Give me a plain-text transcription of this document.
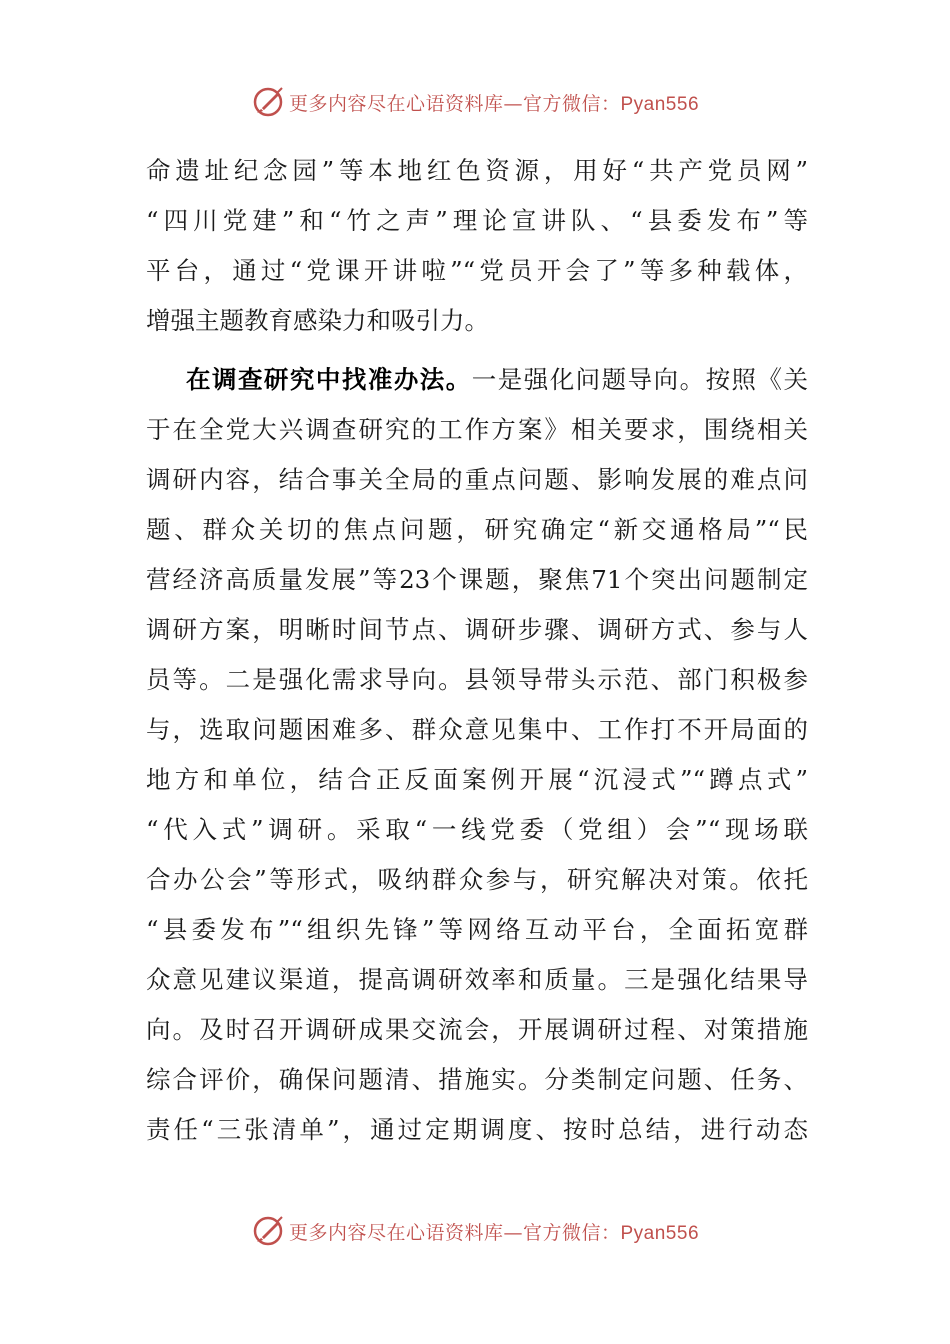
更多内容尽在心语资料库—官方微信：Pyan556
命遗址纪念园”等本地红色资源，用好“共产党员网”
“四川党建”和“竹之声”理论宣讲队、“县委发布”等
平台，通过“党课开讲啦”“党员开会了”等多种载体，
增强主题教育感染力和吸引力。
在调查研究中找准办法。一是强化问题导向。按照《关
于在全党大兴调查研究的工作方案》相关要求，围绕相关
调研内容，结合事关全局的重点问题、影响发展的难点问
题、群众关切的焦点问题，研究确定“新交通格局”“民
营经济高质量发展”等23个课题，聚焦71个突出问题制定
调研方案，明晰时间节点、调研步骤、调研方式、参与人
员等。二是强化需求导向。县领导带头示范、部门积极参
与，选取问题困难多、群众意见集中、工作打不开局面的
地方和单位，结合正反面案例开展“沉浸式”“蹲点式”
“代入式”调研。采取“一线党委（党组）会”“现场联
合办公会”等形式，吸纳群众参与，研究解决对策。依托
“县委发布”“组织先锋”等网络互动平台，全面拓宽群
众意见建议渠道，提高调研效率和质量。三是强化结果导
向。及时召开调研成果交流会，开展调研过程、对策措施
综合评价，确保问题清、措施实。分类制定问题、任务、
责任“三张清单”，通过定期调度、按时总结，进行动态
更多内容尽在心语资料库—官方微信：Pyan556
